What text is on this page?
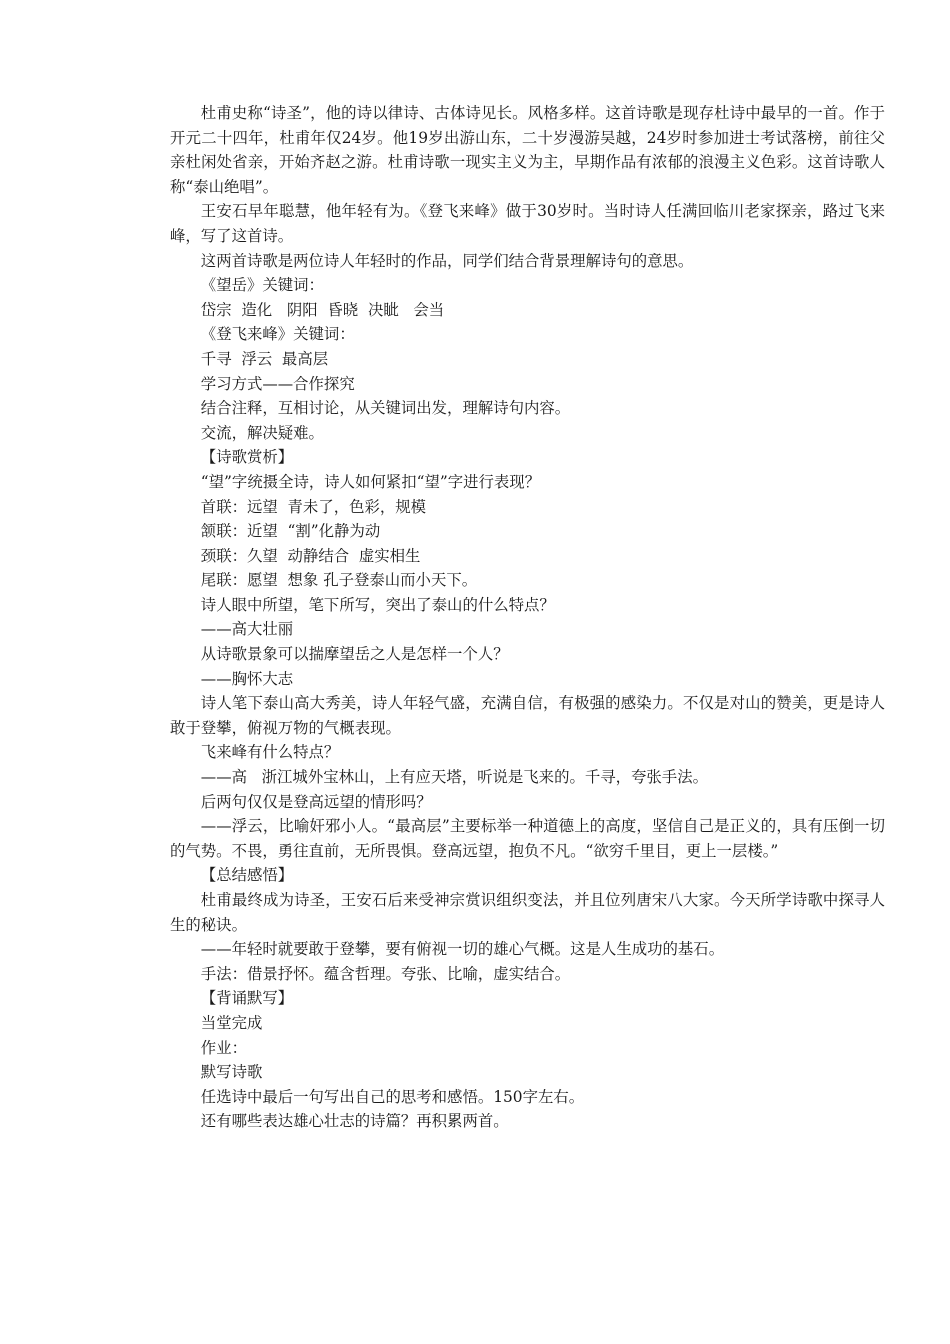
杜甫史称“诗圣”，他的诗以律诗、古体诗见长。风格多样。这首诗歌是现存杜诗中最早的一首。作于开元二十四年，杜甫年仅24岁。他19岁出游山东，二十岁漫游吴越，24岁时参加进士考试落榜，前往父亲杜闲处省亲，开始齐赵之游。杜甫诗歌一现实主义为主，早期作品有浓郁的浪漫主义色彩。这首诗歌人称“泰山绝唱”。

王安石早年聪慧，他年轻有为。《登飞来峰》做于30岁时。当时诗人任满回临川老家探亲，路过飞来峰，写了这首诗。

这两首诗歌是两位诗人年轻时的作品，同学们结合背景理解诗句的意思。

《望岳》关键词：

岱宗  造化   阴阳  昏晓  决眦   会当

《登飞来峰》关键词：

千寻  浮云  最高层

学习方式——合作探究

结合注释，互相讨论，从关键词出发，理解诗句内容。

交流，解决疑难。

【诗歌赏析】

“望”字统摄全诗，诗人如何紧扣“望”字进行表现？

首联：远望  青未了，色彩，规模

颔联：近望  “割”化静为动

颈联：久望  动静结合  虚实相生

尾联：愿望  想象 孔子登泰山而小天下。

诗人眼中所望，笔下所写，突出了泰山的什么特点？

——高大壮丽

从诗歌景象可以揣摩望岳之人是怎样一个人？

——胸怀大志

诗人笔下泰山高大秀美，诗人年轻气盛，充满自信，有极强的感染力。不仅是对山的赞美，更是诗人敢于登攀，俯视万物的气概表现。

飞来峰有什么特点？

——高   浙江城外宝林山，上有应天塔，听说是飞来的。千寻，夸张手法。

后两句仅仅是登高远望的情形吗？

——浮云，比喻奸邪小人。“最高层”主要标举一种道德上的高度，坚信自己是正义的，具有压倒一切的气势。不畏，勇往直前，无所畏惧。登高远望，抱负不凡。“欲穷千里目，更上一层楼。”

【总结感悟】

杜甫最终成为诗圣，王安石后来受神宗赏识组织变法，并且位列唐宋八大家。今天所学诗歌中探寻人生的秘诀。

——年轻时就要敢于登攀，要有俯视一切的雄心气概。这是人生成功的基石。

手法：借景抒怀。蕴含哲理。夸张、比喻，虚实结合。

【背诵默写】

当堂完成

作业：

默写诗歌

任选诗中最后一句写出自己的思考和感悟。150字左右。

还有哪些表达雄心壮志的诗篇？再积累两首。
